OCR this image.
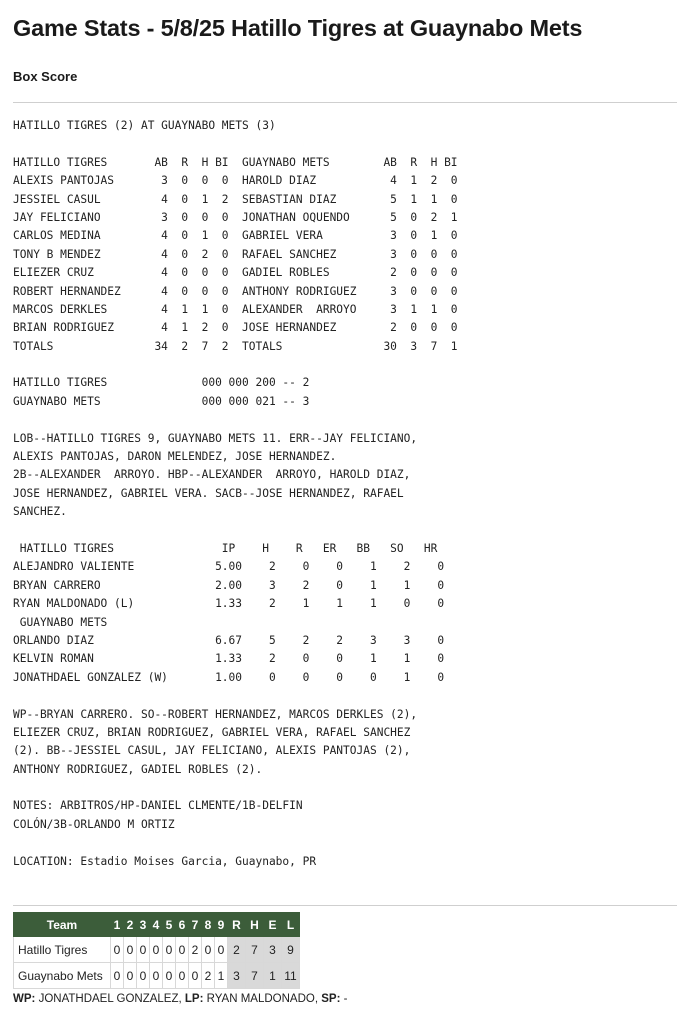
Game Stats - 5/8/25 Hatillo Tigres at Guaynabo Mets
Box Score
HATILLO TIGRES (2) AT GUAYNABO METS (3)
HATILLO TIGRES       AB  R  H BI  GUAYNABO METS        AB  R  H BI
ALEXIS PANTOJAS       3  0  0  0  HAROLD DIAZ           4  1  2  0
JESSIEL CASUL         4  0  1  2  SEBASTIAN DIAZ        5  1  1  0
JAY FELICIANO         3  0  0  0  JONATHAN OQUENDO      5  0  2  1
CARLOS MEDINA         4  0  1  0  GABRIEL VERA          3  0  1  0
TONY B MENDEZ         4  0  2  0  RAFAEL SANCHEZ        3  0  0  0
ELIEZER CRUZ          4  0  0  0  GADIEL ROBLES         2  0  0  0
ROBERT HERNANDEZ      4  0  0  0  ANTHONY RODRIGUEZ     3  0  0  0
MARCOS DERKLES        4  1  1  0  ALEXANDER  ARROYO     3  1  1  0
BRIAN RODRIGUEZ       4  1  2  0  JOSE HERNANDEZ        2  0  0  0
TOTALS               34  2  7  2  TOTALS               30  3  7  1
HATILLO TIGRES              000 000 200 -- 2
GUAYNABO METS               000 000 021 -- 3
LOB--HATILLO TIGRES 9, GUAYNABO METS 11. ERR--JAY FELICIANO,
ALEXIS PANTOJAS, DARON MELENDEZ, JOSE HERNANDEZ.
2B--ALEXANDER  ARROYO. HBP--ALEXANDER  ARROYO, HAROLD DIAZ,
JOSE HERNANDEZ, GABRIEL VERA. SACB--JOSE HERNANDEZ, RAFAEL
SANCHEZ.
HATILLO TIGRES                IP    H    R   ER   BB   SO   HR
ALEJANDRO VALIENTE            5.00    2    0    0    1    2    0
BRYAN CARRERO                 2.00    3    2    0    1    1    0
RYAN MALDONADO (L)            1.33    2    1    1    1    0    0
GUAYNABO METS
ORLANDO DIAZ                  6.67    5    2    2    3    3    0
KELVIN ROMAN                  1.33    2    0    0    1    1    0
JONATHDAEL GONZALEZ (W)       1.00    0    0    0    0    1    0
WP--BRYAN CARRERO. SO--ROBERT HERNANDEZ, MARCOS DERKLES (2),
ELIEZER CRUZ, BRIAN RODRIGUEZ, GABRIEL VERA, RAFAEL SANCHEZ
(2). BB--JESSIEL CASUL, JAY FELICIANO, ALEXIS PANTOJAS (2),
ANTHONY RODRIGUEZ, GADIEL ROBLES (2).
NOTES: ARBITROS/HP-DANIEL CLMENTE/1B-DELFIN
COLÓN/3B-ORLANDO M ORTIZ
LOCATION: Estadio Moises Garcia, Guaynabo, PR
Team	1	2	3	4	5	6	7	8	9	R	H	E	L
Hatillo Tigres	0	0	0	0	0	0	2	0	0	2	7	3	9
Guaynabo Mets	0	0	0	0	0	0	0	2	1	3	7	1	11

WP: JONATHDAEL GONZALEZ, LP: RYAN MALDONADO, SP: -
